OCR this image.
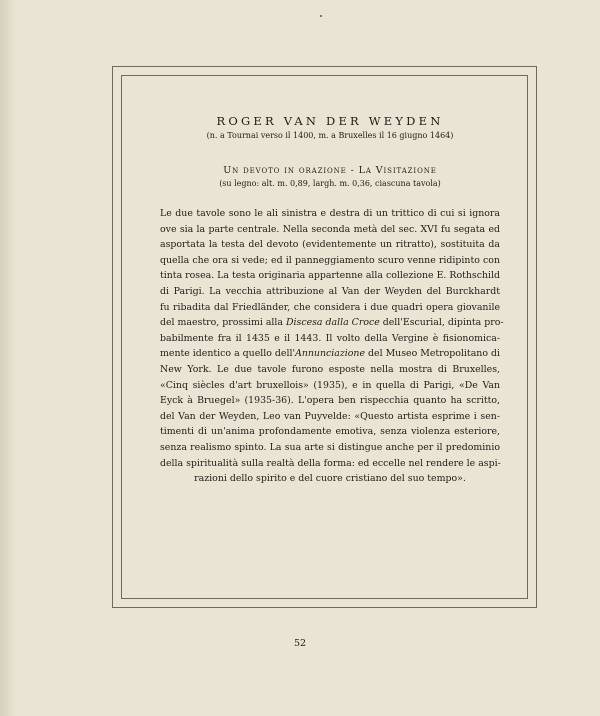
ROGER VAN DER WEYDEN

(n. a Tournai verso il 1400, m. a Bruxelles il 16 giugno 1464)

Un devoto in orazione - La Visitazione

(su legno: alt. m. 0,89, largh. m. 0,36, ciascuna tavola)

Le due tavole sono le ali sinistra e destra di un trittico di cui si ignora
ove sia la parte centrale. Nella seconda metà del sec. XVI fu segata ed
asportata la testa del devoto (evidentemente un ritratto), sostituita da
quella che ora si vede; ed il panneggiamento scuro venne ridipinto con
tinta rosea. La testa originaria appartenne alla collezione E. Rothschild
di Parigi. La vecchia attribuzione al Van der Weyden del Burckhardt
fu ribadita dal Friedländer, che considera i due quadri opera giovanile
del maestro, prossimi alla Discesa dalla Croce dell'Escurial, dipinta pro-
babilmente fra il 1435 e il 1443. Il volto della Vergine è fisionomica-
mente identico a quello dell'Annunciazione del Museo Metropolitano di
New York. Le due tavole furono esposte nella mostra di Bruxelles,
«Cinq siècles d'art bruxellois» (1935), e in quella di Parigi, «De Van
Eyck à Bruegel» (1935-36). L'opera ben rispecchia quanto ha scritto,
del Van der Weyden, Leo van Puyvelde: «Questo artista esprime i sen-
timenti di un'anima profondamente emotiva, senza violenza esteriore,
senza realismo spinto. La sua arte si distingue anche per il predominio
della spiritualità sulla realtà della forma: ed eccelle nel rendere le aspi-
razioni dello spirito e del cuore cristiano del suo tempo».
52
